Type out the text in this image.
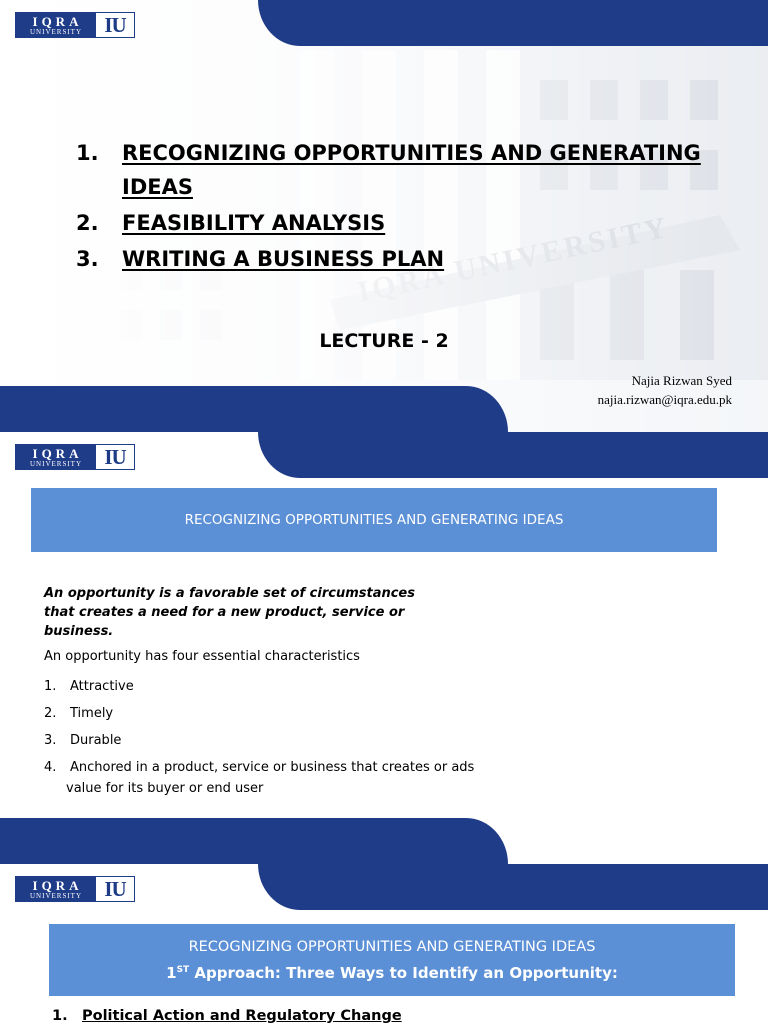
IQRA
UNIVERSITY	IU
1.	RECOGNIZING OPPORTUNITIES AND GENERATING IDEAS
2.	FEASIBILITY ANALYSIS
3.	WRITING A BUSINESS PLAN
LECTURE - 2
Najia Rizwan Syed
najia.rizwan@iqra.edu.pk
IQRA
UNIVERSITY	IU
RECOGNIZING OPPORTUNITIES AND GENERATING IDEAS

An opportunity is a favorable set of circumstances that creates a need for a new product, service or business.

An opportunity has four essential characteristics

1.	Attractive
2.	Timely
3.	Durable
4.	Anchored in a product, service or business that creates or ads

value for its buyer or end user

IQRA
UNIVERSITY	IU
RECOGNIZING OPPORTUNITIES AND GENERATING IDEAS
1ST Approach: Three Ways to Identify an Opportunity:
1. Political Action and Regulatory Change
